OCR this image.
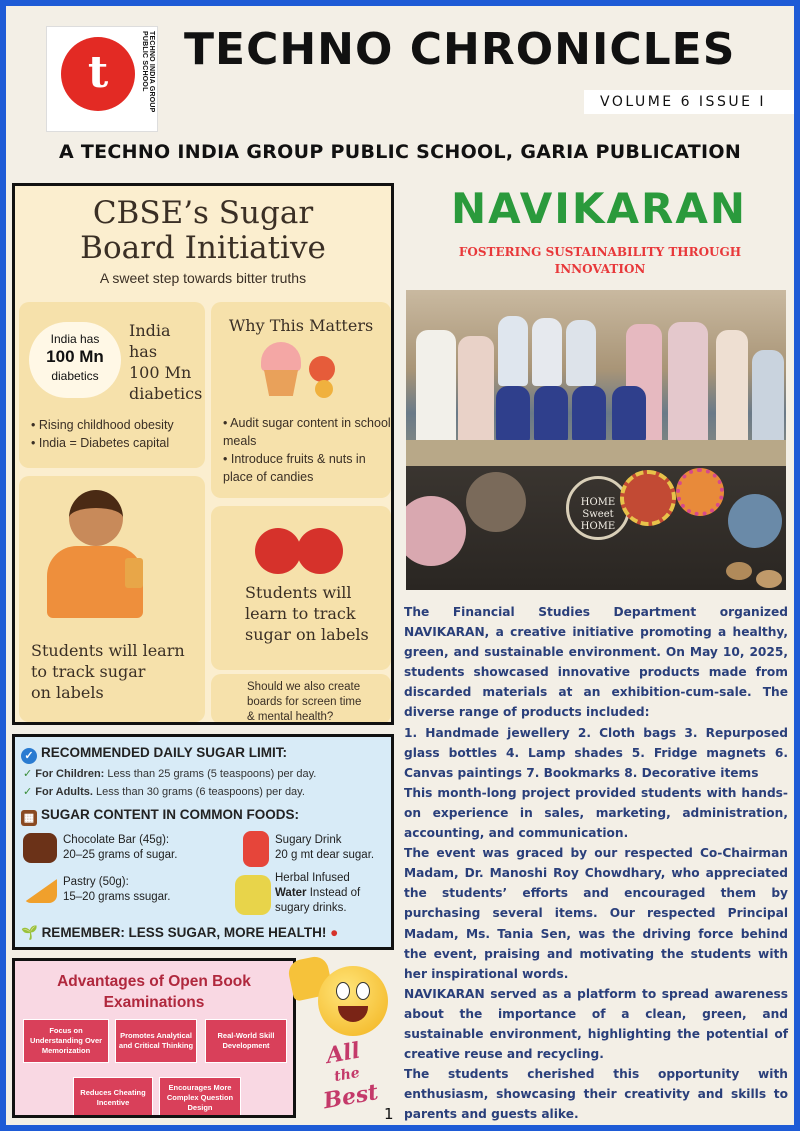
t	TECHNO INDIA GROUP PUBLIC SCHOOL TECHNO CHRONICLES
VOLUME 6 ISSUE I
A TECHNO INDIA GROUP PUBLIC SCHOOL, GARIA PUBLICATION
CBSE’s Sugar
Board Initiative
A sweet step towards bitter truths
India has
100 Mn
diabetics
India
has
100 Mn
diabetics
• Rising childhood obesity
• India = Diabetes capital
Why This Matters
• Audit sugar content in school meals
• Introduce fruits & nuts in place of candies
Students will learn
to track sugar
on labels
Students will
learn to track
sugar on labels
Should we also create
boards for screen time
& mental health?
✓ RECOMMENDED DAILY SUGAR LIMIT:
✓ For Children: Less than 25 grams (5 teaspoons) per day.
✓ For Adults. Less than 30 grams (6 teaspoons) per day.
▦ SUGAR CONTENT IN COMMON FOODS:
Chocolate Bar (45g):
20–25 grams of sugar.
Sugary Drink
20 g mt dear sugar.
Pastry (50g):
15–20 grams ssugar.
Herbal Infused
Water Instead of
sugary drinks.
🌱 REMEMBER: LESS SUGAR, MORE HEALTH! ●
Advantages of Open Book
Examinations
Focus on Understanding Over Memorization
Promotes Analytical and Critical Thinking
Real-World Skill Development
Reduces Cheating Incentive
Encourages More Complex Question Design
All
the
Best 1
NAVIKARAN
FOSTERING SUSTAINABILITY THROUGH
INNOVATION
HOME
Sweet
HOME

The Financial Studies Department organized NAVIKARAN, a creative initiative promoting a healthy, green, and sustainable environment. On May 10, 2025, students showcased innovative products made from discarded materials at an exhibition-cum-sale. The diverse range of products included:

1. Handmade jewellery 2. Cloth bags 3. Repurposed glass bottles 4. Lamp shades 5. Fridge magnets 6. Canvas paintings 7. Bookmarks 8. Decorative items

This month-long project provided students with hands-on experience in sales, marketing, administration, accounting, and communication.

The event was graced by our respected Co-Chairman Madam, Dr. Manoshi Roy Chowdhary, who appreciated the students’ efforts and encouraged them by purchasing several items. Our respected Principal Madam, Ms. Tania Sen, was the driving force behind the event, praising and motivating the students with her inspirational words.

NAVIKARAN served as a platform to spread awareness about the importance of a clean, green, and sustainable environment, highlighting the potential of creative reuse and recycling.

The students cherished this opportunity with enthusiasm, showcasing their creativity and skills to parents and guests alike.
